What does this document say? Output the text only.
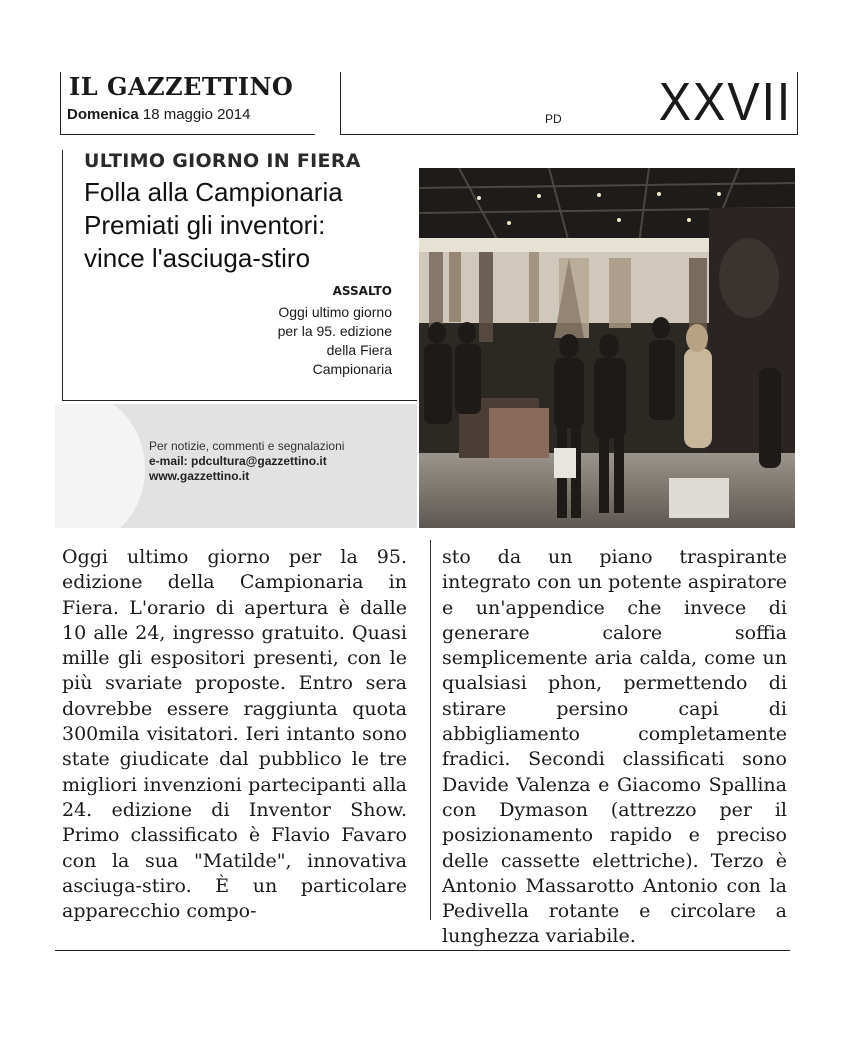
IL GAZZETTINO
Domenica 18 maggio 2014	PD XXVII
ULTIMO GIORNO IN FIERA
Folla alla Campionaria
Premiati gli inventori:
vince l'asciuga-stiro
ASSALTO
Oggi ultimo giorno
per la 95. edizione
della Fiera
Campionaria
Per notizie, commenti e segnalazioni
e-mail: pdcultura@gazzettino.it
www.gazzettino.it
Oggi ultimo giorno per la 95. edizione della Campionaria in Fiera. L'orario di apertura è dalle 10 alle 24, ingresso gratuito. Quasi mille gli espositori presenti, con le più svariate proposte. Entro sera dovrebbe essere raggiunta quota 300mila visitatori. Ieri intanto sono state giudicate dal pubblico le tre migliori invenzioni partecipanti alla 24. edizione di Inventor Show. Primo classificato è Flavio Favaro con la sua "Matilde", innovativa asciuga-stiro. È un particolare apparecchio compo-
sto da un piano traspirante integrato con un potente aspiratore e un'appendice che invece di generare calore soffia semplicemente aria calda, come un qualsiasi phon, permettendo di stirare persino capi di abbigliamento completamente fradici. Secondi classificati sono Davide Valenza e Giacomo Spallina con Dymason (attrezzo per il posizionamento rapido e preciso delle cassette elettriche). Terzo è Antonio Massarotto Antonio con la Pedivella rotante e circolare a lunghezza variabile.
